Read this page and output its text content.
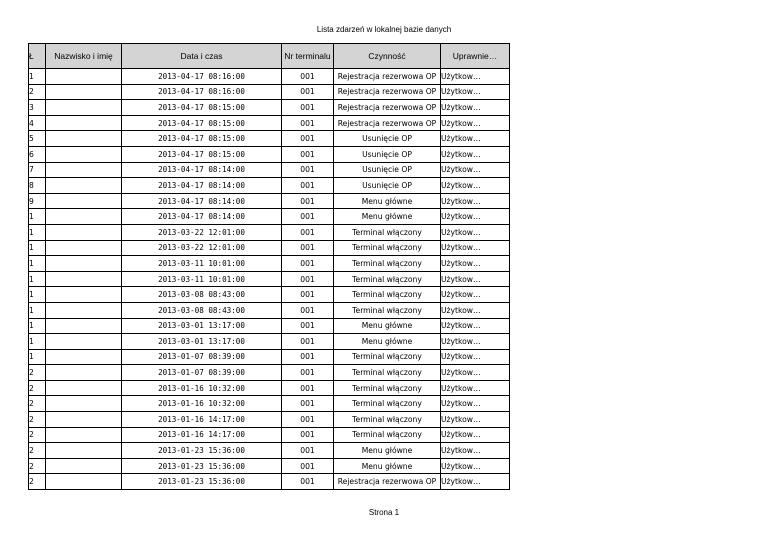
Lista zdarzeń w lokalnej bazie danych
Ł	Nazwisko i imię	Data i czas	Nr terminalu	Czynność	Uprawnie…
1		2013-04-17 08:16:00	001	Rejestracja rezerwowa OP	Użytkow…
2		2013-04-17 08:16:00	001	Rejestracja rezerwowa OP	Użytkow…
3		2013-04-17 08:15:00	001	Rejestracja rezerwowa OP	Użytkow…
4		2013-04-17 08:15:00	001	Rejestracja rezerwowa OP	Użytkow…
5		2013-04-17 08:15:00	001	Usunięcie OP	Użytkow…
6		2013-04-17 08:15:00	001	Usunięcie OP	Użytkow…
7		2013-04-17 08:14:00	001	Usunięcie OP	Użytkow…
8		2013-04-17 08:14:00	001	Usunięcie OP	Użytkow…
9		2013-04-17 08:14:00	001	Menu główne	Użytkow…
1		2013-04-17 08:14:00	001	Menu główne	Użytkow…
1		2013-03-22 12:01:00	001	Terminal włączony	Użytkow…
1		2013-03-22 12:01:00	001	Terminal włączony	Użytkow…
1		2013-03-11 10:01:00	001	Terminal włączony	Użytkow…
1		2013-03-11 10:01:00	001	Terminal włączony	Użytkow…
1		2013-03-08 08:43:00	001	Terminal włączony	Użytkow…
1		2013-03-08 08:43:00	001	Terminal włączony	Użytkow…
1		2013-03-01 13:17:00	001	Menu główne	Użytkow…
1		2013-03-01 13:17:00	001	Menu główne	Użytkow…
1		2013-01-07 08:39:00	001	Terminal włączony	Użytkow…
2		2013-01-07 08:39:00	001	Terminal włączony	Użytkow…
2		2013-01-16 10:32:00	001	Terminal włączony	Użytkow…
2		2013-01-16 10:32:00	001	Terminal włączony	Użytkow…
2		2013-01-16 14:17:00	001	Terminal włączony	Użytkow…
2		2013-01-16 14:17:00	001	Terminal włączony	Użytkow…
2		2013-01-23 15:36:00	001	Menu główne	Użytkow…
2		2013-01-23 15:36:00	001	Menu główne	Użytkow…
2		2013-01-23 15:36:00	001	Rejestracja rezerwowa OP	Użytkow…
Strona 1
